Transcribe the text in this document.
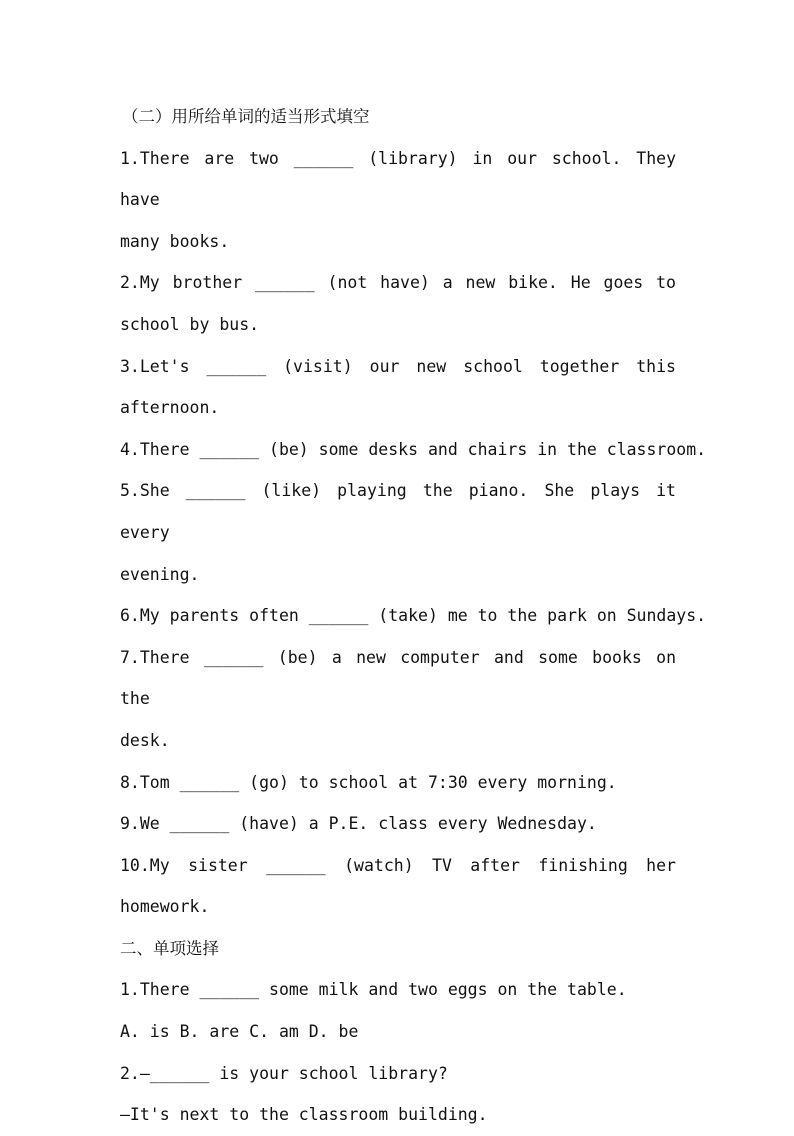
（二）用所给单词的适当形式填空
1.There are two ______ (library) in our school. They have
many books.
2.My brother ______ (not have) a new bike. He goes to
school by bus.
3.Let's ______ (visit) our new school together this
afternoon.
4.There ______ (be) some desks and chairs in the classroom.
5.She ______ (like) playing the piano. She plays it every
evening.
6.My parents often ______ (take) me to the park on Sundays.
7.There ______ (be) a new computer and some books on the
desk.
8.Tom ______ (go) to school at 7:30 every morning.
9.We ______ (have) a P.E. class every Wednesday.
10.My sister ______ (watch) TV after finishing her
homework.
二、单项选择
1.There ______ some milk and two eggs on the table.
A. is B. are C. am D. be
2.—______ is your school library?
—It's next to the classroom building.
